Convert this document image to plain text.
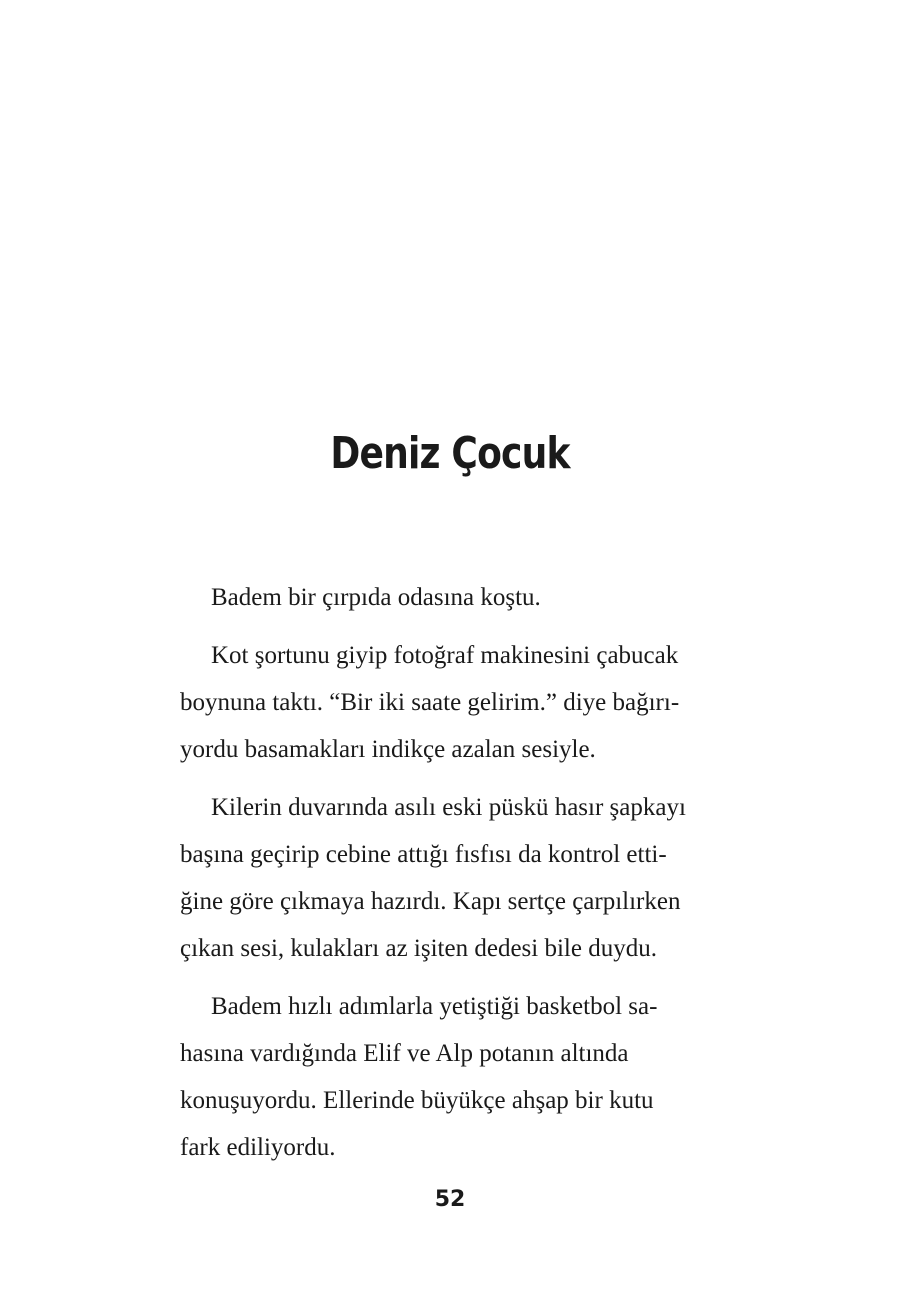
Deniz Çocuk

Badem bir çırpıda odasına koştu.

Kot şortunu giyip fotoğraf makinesini çabucak
boynuna taktı. “Bir iki saate gelirim.” diye bağırı-
yordu basamakları indikçe azalan sesiyle.

Kilerin duvarında asılı eski püskü hasır şapkayı
başına geçirip cebine attığı fısfısı da kontrol etti-
ğine göre çıkmaya hazırdı. Kapı sertçe çarpılırken
çıkan sesi, kulakları az işiten dedesi bile duydu.

Badem hızlı adımlarla yetiştiği basketbol sa-
hasına vardığında Elif ve Alp potanın altında
konuşuyordu. Ellerinde büyükçe ahşap bir kutu
fark ediliyordu.

52
